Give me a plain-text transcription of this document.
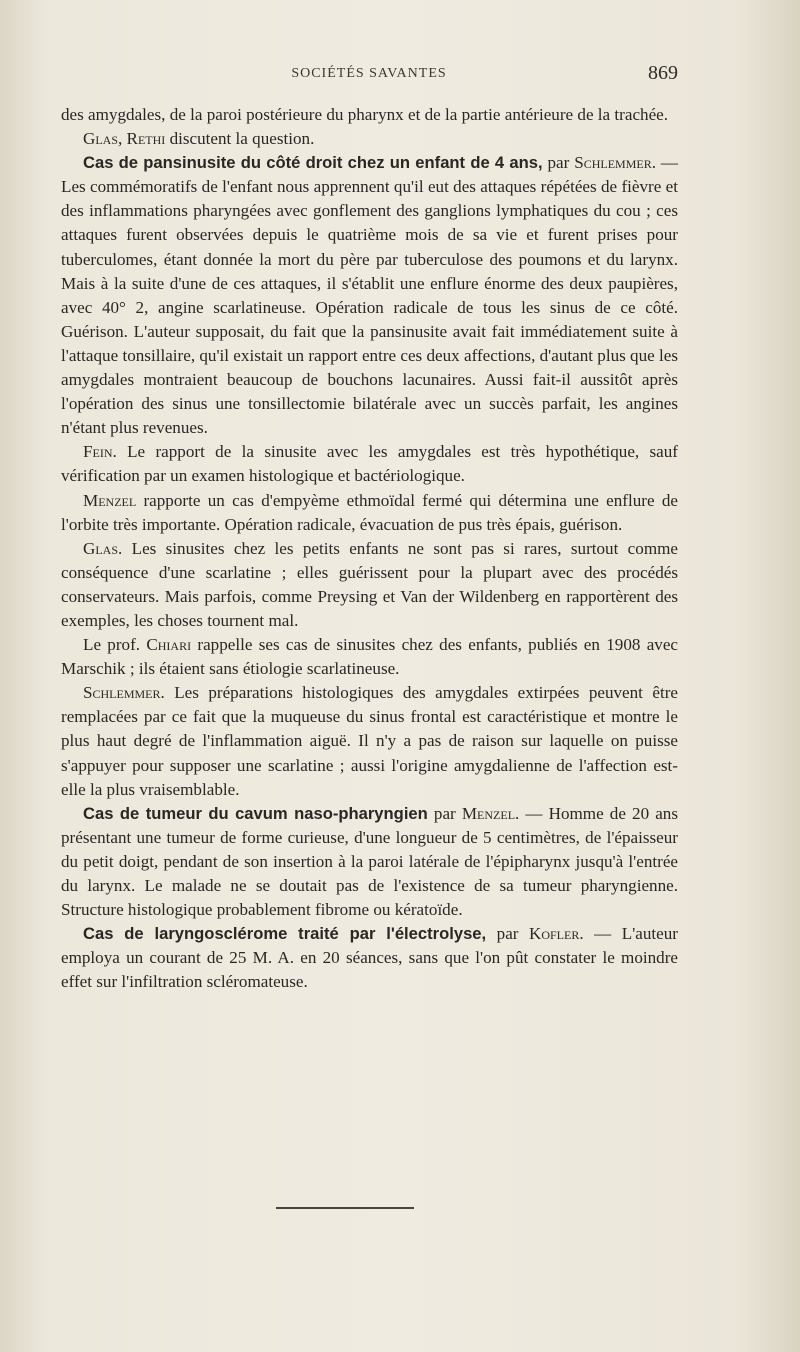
SOCIÉTÉS SAVANTES	869

des amygdales, de la paroi postérieure du pharynx et de la partie antérieure de la trachée.

Glas, Rethi discutent la question.

Cas de pansinusite du côté droit chez un enfant de 4 ans, par Schlemmer. — Les commémoratifs de l'enfant nous apprennent qu'il eut des attaques répétées de fièvre et des inflammations pharyngées avec gonflement des ganglions lymphatiques du cou ; ces attaques furent observées depuis le quatrième mois de sa vie et furent prises pour tuberculomes, étant donnée la mort du père par tuberculose des poumons et du larynx. Mais à la suite d'une de ces attaques, il s'établit une enflure énorme des deux paupières, avec 40° 2, angine scarlatineuse. Opération radicale de tous les sinus de ce côté. Guérison. L'auteur supposait, du fait que la pansinusite avait fait immédiatement suite à l'attaque tonsillaire, qu'il existait un rapport entre ces deux affections, d'autant plus que les amygdales montraient beaucoup de bouchons lacunaires. Aussi fait-il aussitôt après l'opération des sinus une tonsillectomie bilatérale avec un succès parfait, les angines n'étant plus revenues.

Fein. Le rapport de la sinusite avec les amygdales est très hypothétique, sauf vérification par un examen histologique et bactériologique.

Menzel rapporte un cas d'empyème ethmoïdal fermé qui détermina une enflure de l'orbite très importante. Opération radicale, évacuation de pus très épais, guérison.

Glas. Les sinusites chez les petits enfants ne sont pas si rares, surtout comme conséquence d'une scarlatine ; elles guérissent pour la plupart avec des procédés conservateurs. Mais parfois, comme Preysing et Van der Wildenberg en rapportèrent des exemples, les choses tournent mal.

Le prof. Chiari rappelle ses cas de sinusites chez des enfants, publiés en 1908 avec Marschik ; ils étaient sans étiologie scarlatineuse.

Schlemmer. Les préparations histologiques des amygdales extirpées peuvent être remplacées par ce fait que la muqueuse du sinus frontal est caractéristique et montre le plus haut degré de l'inflammation aiguë. Il n'y a pas de raison sur laquelle on puisse s'appuyer pour supposer une scarlatine ; aussi l'origine amygdalienne de l'affection est-elle la plus vraisemblable.

Cas de tumeur du cavum naso-pharyngien par Menzel. — Homme de 20 ans présentant une tumeur de forme curieuse, d'une longueur de 5 centimètres, de l'épaisseur du petit doigt, pendant de son insertion à la paroi latérale de l'épipharynx jusqu'à l'entrée du larynx. Le malade ne se doutait pas de l'existence de sa tumeur pharyngienne. Structure histologique probablement fibrome ou kératoïde.

Cas de laryngosclérome traité par l'électrolyse, par Kofler. — L'auteur employa un courant de 25 M. A. en 20 séances, sans que l'on pût constater le moindre effet sur l'infiltration scléromateuse.
